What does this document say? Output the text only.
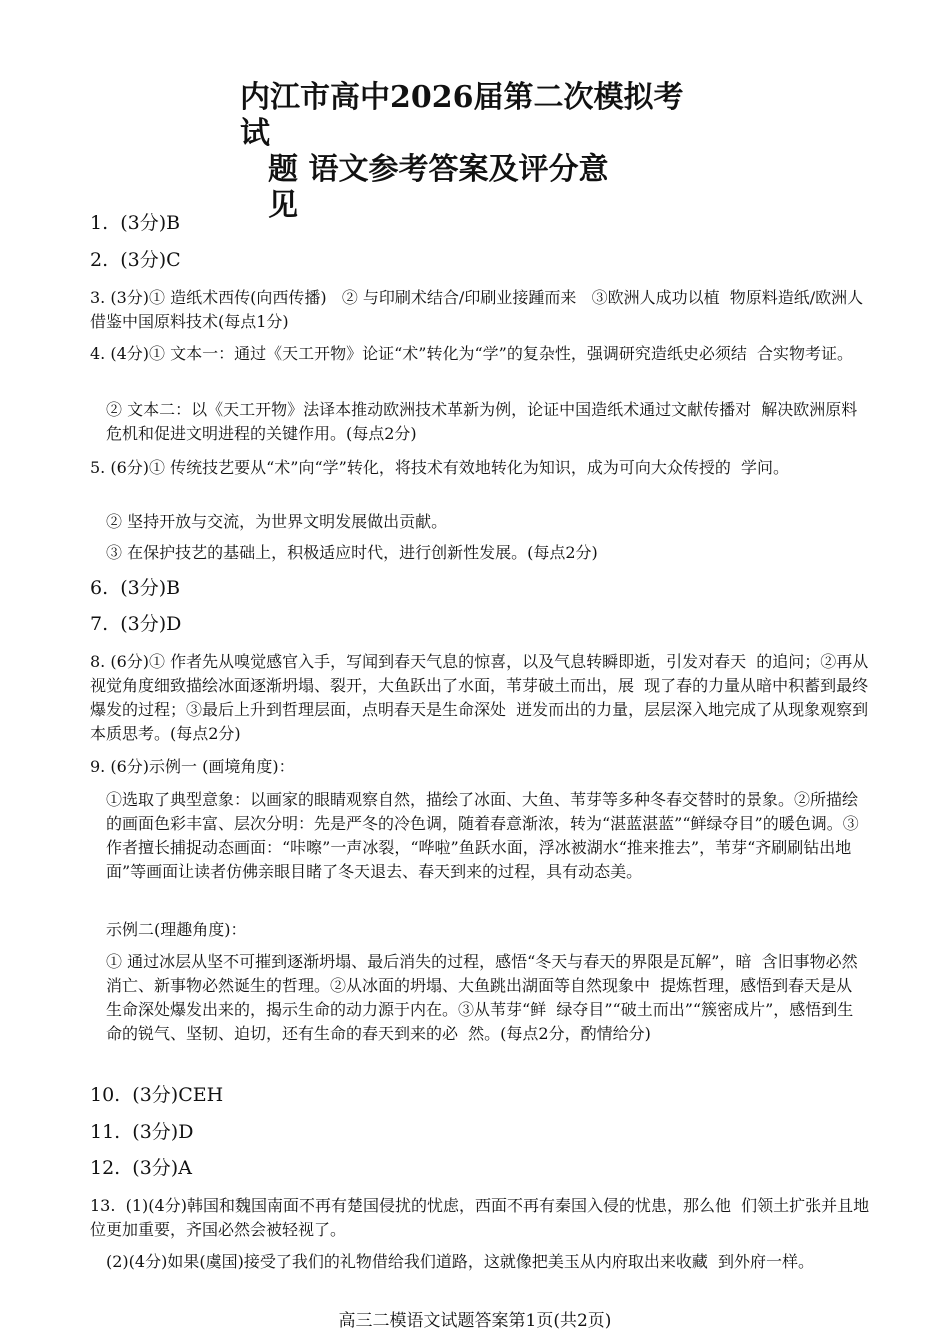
内江市高中2026届第二次模拟考试
题 语文参考答案及评分意
见

1.  (3分)B

2.  (3分)C

3. (3分)① 造纸术西传(向西传播)   ② 与印刷术结合/印刷业接踵而来   ③欧洲人成功以植  物原料造纸/欧洲人借鉴中国原料技术(每点1分)

4. (4分)① 文本一：通过《天工开物》论证“术”转化为“学”的复杂性，强调研究造纸史必须结  合实物考证。

② 文本二：以《天工开物》法译本推动欧洲技术革新为例，论证中国造纸术通过文献传播对  解决欧洲原料危机和促进文明进程的关键作用。(每点2分)

5. (6分)① 传统技艺要从“术”向“学”转化，将技术有效地转化为知识，成为可向大众传授的  学问。

② 坚持开放与交流，为世界文明发展做出贡献。

③ 在保护技艺的基础上，积极适应时代，进行创新性发展。(每点2分)

6.  (3分)B

7.  (3分)D

8. (6分)① 作者先从嗅觉感官入手，写闻到春天气息的惊喜，以及气息转瞬即逝，引发对春天  的追问；②再从视觉角度细致描绘冰面逐渐坍塌、裂开，大鱼跃出了水面，苇芽破土而出，展  现了春的力量从暗中积蓄到最终爆发的过程；③最后上升到哲理层面，点明春天是生命深处  迸发而出的力量，层层深入地完成了从现象观察到本质思考。(每点2分)

9. (6分)示例一 (画境角度)：

①选取了典型意象：以画家的眼睛观察自然，描绘了冰面、大鱼、苇芽等多种冬春交替时的景象。②所描绘的画面色彩丰富、层次分明：先是严冬的冷色调，随着春意渐浓，转为“湛蓝湛蓝”“鲜绿夺目”的暖色调。③作者擅长捕捉动态画面：“咔嚓”一声冰裂，“哗啦”鱼跃水面，浮冰被湖水“推来推去”，苇芽“齐刷刷钻出地面”等画面让读者仿佛亲眼目睹了冬天退去、春天到来的过程，具有动态美。

示例二(理趣角度)：

① 通过冰层从坚不可摧到逐渐坍塌、最后消失的过程，感悟“冬天与春天的界限是瓦解”，暗  含旧事物必然消亡、新事物必然诞生的哲理。②从冰面的坍塌、大鱼跳出湖面等自然现象中  提炼哲理，感悟到春天是从生命深处爆发出来的，揭示生命的动力源于内在。③从苇芽“鲜  绿夺目”“破土而出”“簇密成片”，感悟到生命的锐气、坚韧、迫切，还有生命的春天到来的必  然。(每点2分，酌情给分)

10.  (3分)CEH

11.  (3分)D

12.  (3分)A

13.  (1)(4分)韩国和魏国南面不再有楚国侵扰的忧虑，西面不再有秦国入侵的忧患，那么他  们领土扩张并且地位更加重要，齐国必然会被轻视了。

(2)(4分)如果(虞国)接受了我们的礼物借给我们道路，这就像把美玉从内府取出来收藏  到外府一样。

高三二模语文试题答案第1页(共2页)
